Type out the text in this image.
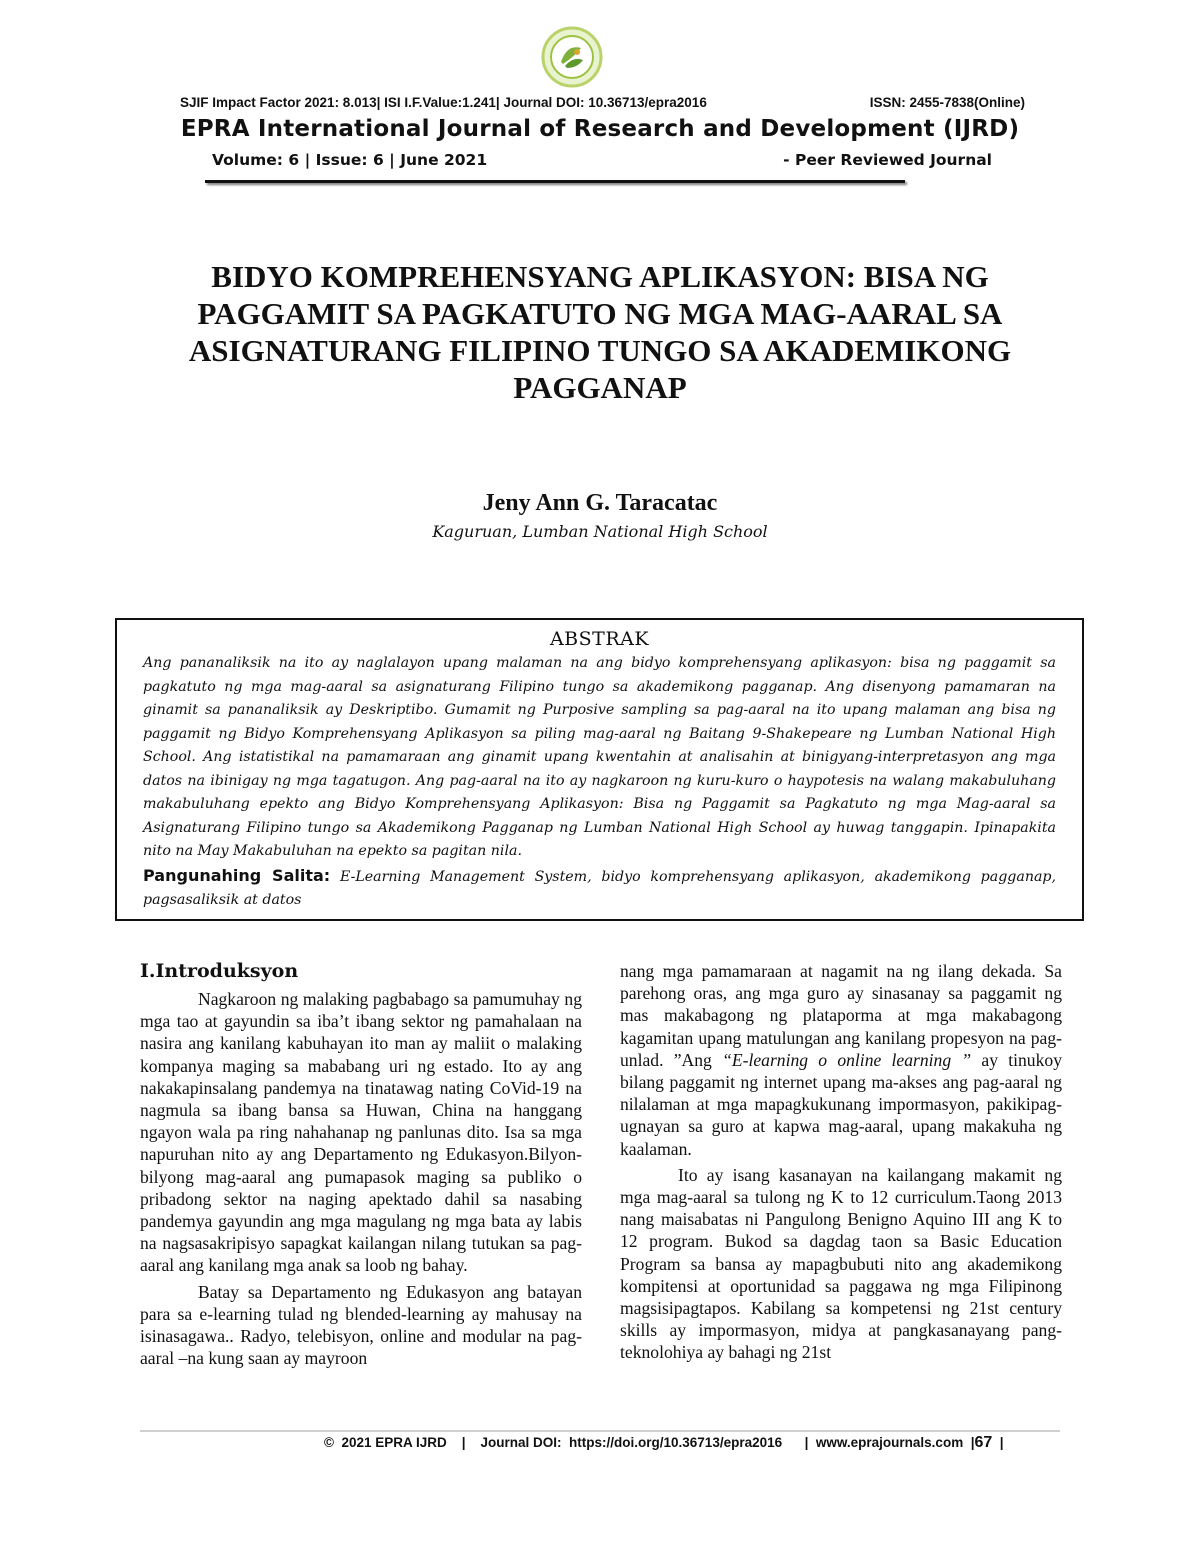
SJIF Impact Factor 2021: 8.013| ISI I.F.Value:1.241| Journal DOI: 10.36713/epra2016	ISSN: 2455-7838(Online)
EPRA International Journal of Research and Development (IJRD)
Volume: 6 | Issue: 6 | June 2021	- Peer Reviewed Journal
BIDYO KOMPREHENSYANG APLIKASYON: BISA NG
PAGGAMIT SA PAGKATUTO NG MGA MAG-AARAL SA
ASIGNATURANG FILIPINO TUNGO SA AKADEMIKONG
PAGGANAP
Jeny Ann G. Taracatac
Kaguruan, Lumban National High School
ABSTRAK

Ang pananaliksik na ito ay naglalayon upang malaman na ang bidyo komprehensyang aplikasyon: bisa ng paggamit sa pagkatuto ng mga mag-aaral sa asignaturang Filipino tungo sa akademikong pagganap. Ang disenyong pamamaran na ginamit sa pananaliksik ay Deskriptibo. Gumamit ng Purposive sampling sa pag-aaral na ito upang malaman ang bisa ng paggamit ng Bidyo Komprehensyang Aplikasyon sa piling mag-aaral ng Baitang 9-Shakepeare ng Lumban National High School. Ang istatistikal na pamamaraan ang ginamit upang kwentahin at analisahin at binigyang-interpretasyon ang mga datos na ibinigay ng mga tagatugon. Ang pag-aaral na ito ay nagkaroon ng kuru-kuro o haypotesis na walang makabuluhang makabuluhang epekto ang Bidyo Komprehensyang Aplikasyon: Bisa ng Paggamit sa Pagkatuto ng mga Mag-aaral sa Asignaturang Filipino tungo sa Akademikong Pagganap ng Lumban National High School ay huwag tanggapin. Ipinapakita nito na May Makabuluhan na epekto sa pagitan nila.

Pangunahing Salita: E-Learning Management System, bidyo komprehensyang aplikasyon, akademikong pagganap, pagsasaliksik at datos

I.Introduksyon

Nagkaroon ng malaking pagbabago sa pamumuhay ng mga tao at gayundin sa iba’t ibang sektor ng pamahalaan na nasira ang kanilang kabuhayan ito man ay maliit o malaking kompanya maging sa mababang uri ng estado. Ito ay ang nakakapinsalang pandemya na tinatawag nating CoVid-19 na nagmula sa ibang bansa sa Huwan, China na hanggang ngayon wala pa ring nahahanap ng panlunas dito. Isa sa mga napuruhan nito ay ang Departamento ng Edukasyon.Bilyon-bilyong mag-aaral ang pumapasok maging sa publiko o pribadong sektor na naging apektado dahil sa nasabing pandemya gayundin ang mga magulang ng mga bata ay labis na nagsasakripisyo sapagkat kailangan nilang tutukan sa pag-aaral ang kanilang mga anak sa loob ng bahay.

Batay sa Departamento ng Edukasyon ang batayan para sa e-learning tulad ng blended-learning ay mahusay na isinasagawa.. Radyo, telebisyon, online and modular na pag-aaral –na kung saan ay mayroon

nang mga pamamaraan at nagamit na ng ilang dekada. Sa parehong oras, ang mga guro ay sinasanay sa paggamit ng mas makabagong ng plataporma at mga makabagong kagamitan upang matulungan ang kanilang propesyon na pag-unlad. ”Ang “E-learning o online learning ” ay tinukoy bilang paggamit ng internet upang ma-akses ang pag-aaral ng nilalaman at mga mapagkukunang impormasyon, pakikipag-ugnayan sa guro at kapwa mag-aaral, upang makakuha ng kaalaman.

Ito ay isang kasanayan na kailangang makamit ng mga mag-aaral sa tulong ng K to 12 curriculum.Taong 2013 nang maisabatas ni Pangulong Benigno Aquino III ang K to 12 program. Bukod sa dagdag taon sa Basic Education Program sa bansa ay mapagbubuti nito ang akademikong kompitensi at oportunidad sa paggawa ng mga Filipinong magsisipagtapos. Kabilang sa kompetensi ng 21st century skills ay impormasyon, midya at pangkasanayang pang-teknolohiya ay bahagi ng 21st

©  2021 EPRA IJRD    |    Journal DOI:  https://doi.org/10.36713/epra2016      |  www.eprajournals.com  |67  |
